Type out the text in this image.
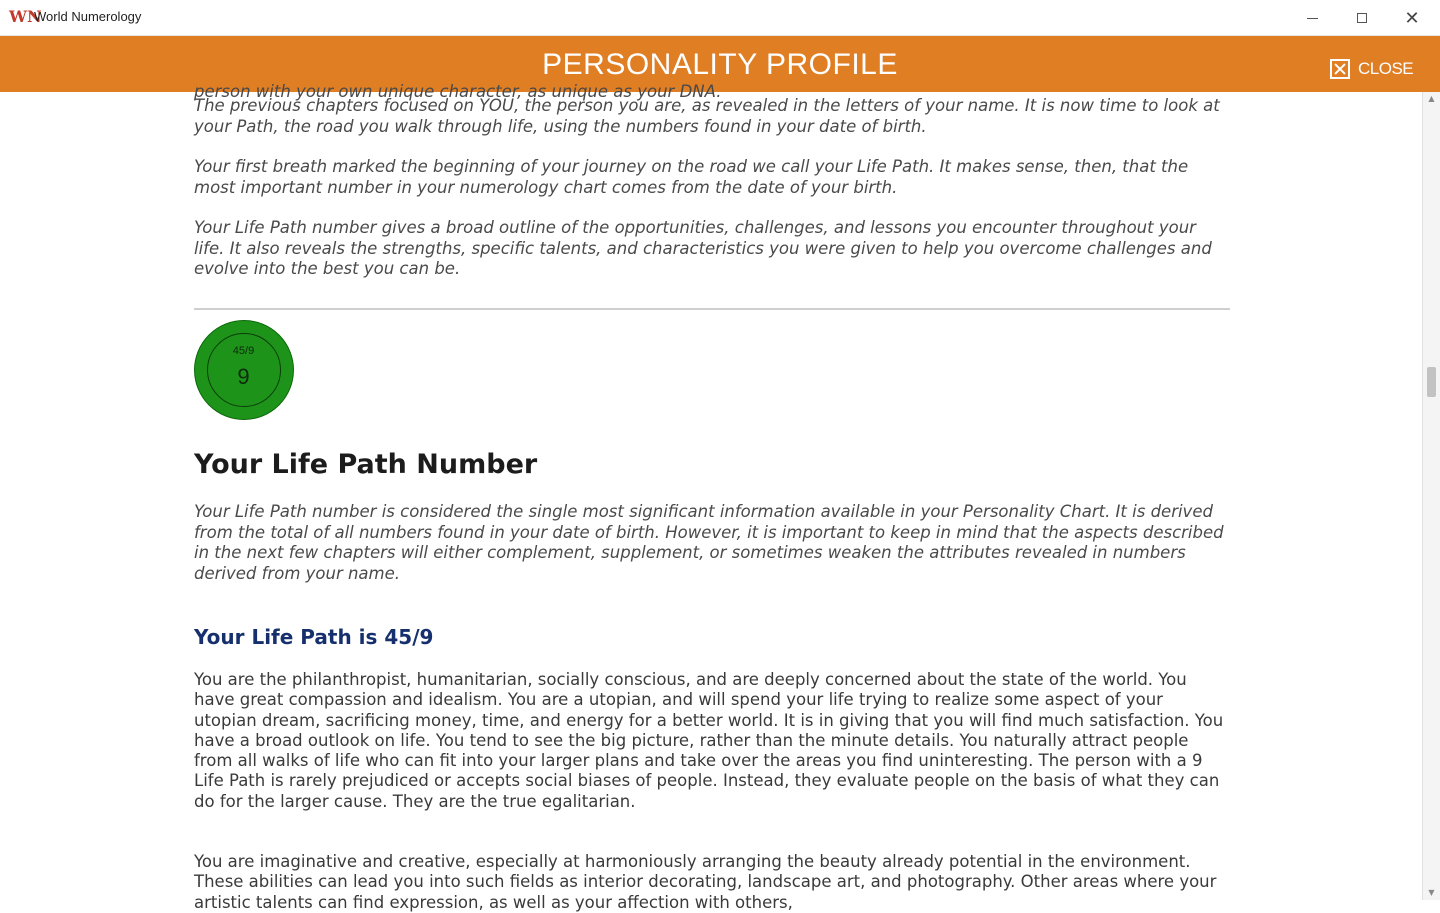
WN
World Numerology	✕
PERSONALITY PROFILE	CLOSE
person with your own unique character, as unique as your DNA.

The previous chapters focused on YOU, the person you are, as revealed in the letters of your name. It is now time to look at your Path, the road you walk through life, using the numbers found in your date of birth.

Your first breath marked the beginning of your journey on the road we call your Life Path. It makes sense, then, that the most important number in your numerology chart comes from the date of your birth.

Your Life Path number gives a broad outline of the opportunities, challenges, and lessons you encounter throughout your life. It also reveals the strengths, specific talents, and characteristics you were given to help you overcome challenges and evolve into the best you can be.

45/9
9
Your Life Path Number

Your Life Path number is considered the single most significant information available in your Personality Chart. It is derived from the total of all numbers found in your date of birth. However, it is important to keep in mind that the aspects described in the next few chapters will either complement, supplement, or sometimes weaken the attributes revealed in numbers derived from your name.

Your Life Path is 45/9

You are the philanthropist, humanitarian, socially conscious, and are deeply concerned about the state of the world. You have great compassion and idealism. You are a utopian, and will spend your life trying to realize some aspect of your utopian dream, sacrificing money, time, and energy for a better world. It is in giving that you will find much satisfaction. You have a broad outlook on life. You tend to see the big picture, rather than the minute details. You naturally attract people from all walks of life who can fit into your larger plans and take over the areas you find uninteresting. The person with a 9 Life Path is rarely prejudiced or accepts social biases of people. Instead, they evaluate people on the basis of what they can do for the larger cause. They are the true egalitarian.

You are imaginative and creative, especially at harmoniously arranging the beauty already potential in the environment. These abilities can lead you into such fields as interior decorating, landscape art, and photography. Other areas where your artistic talents can find expression, as well as your affection with others,

▲
▼
